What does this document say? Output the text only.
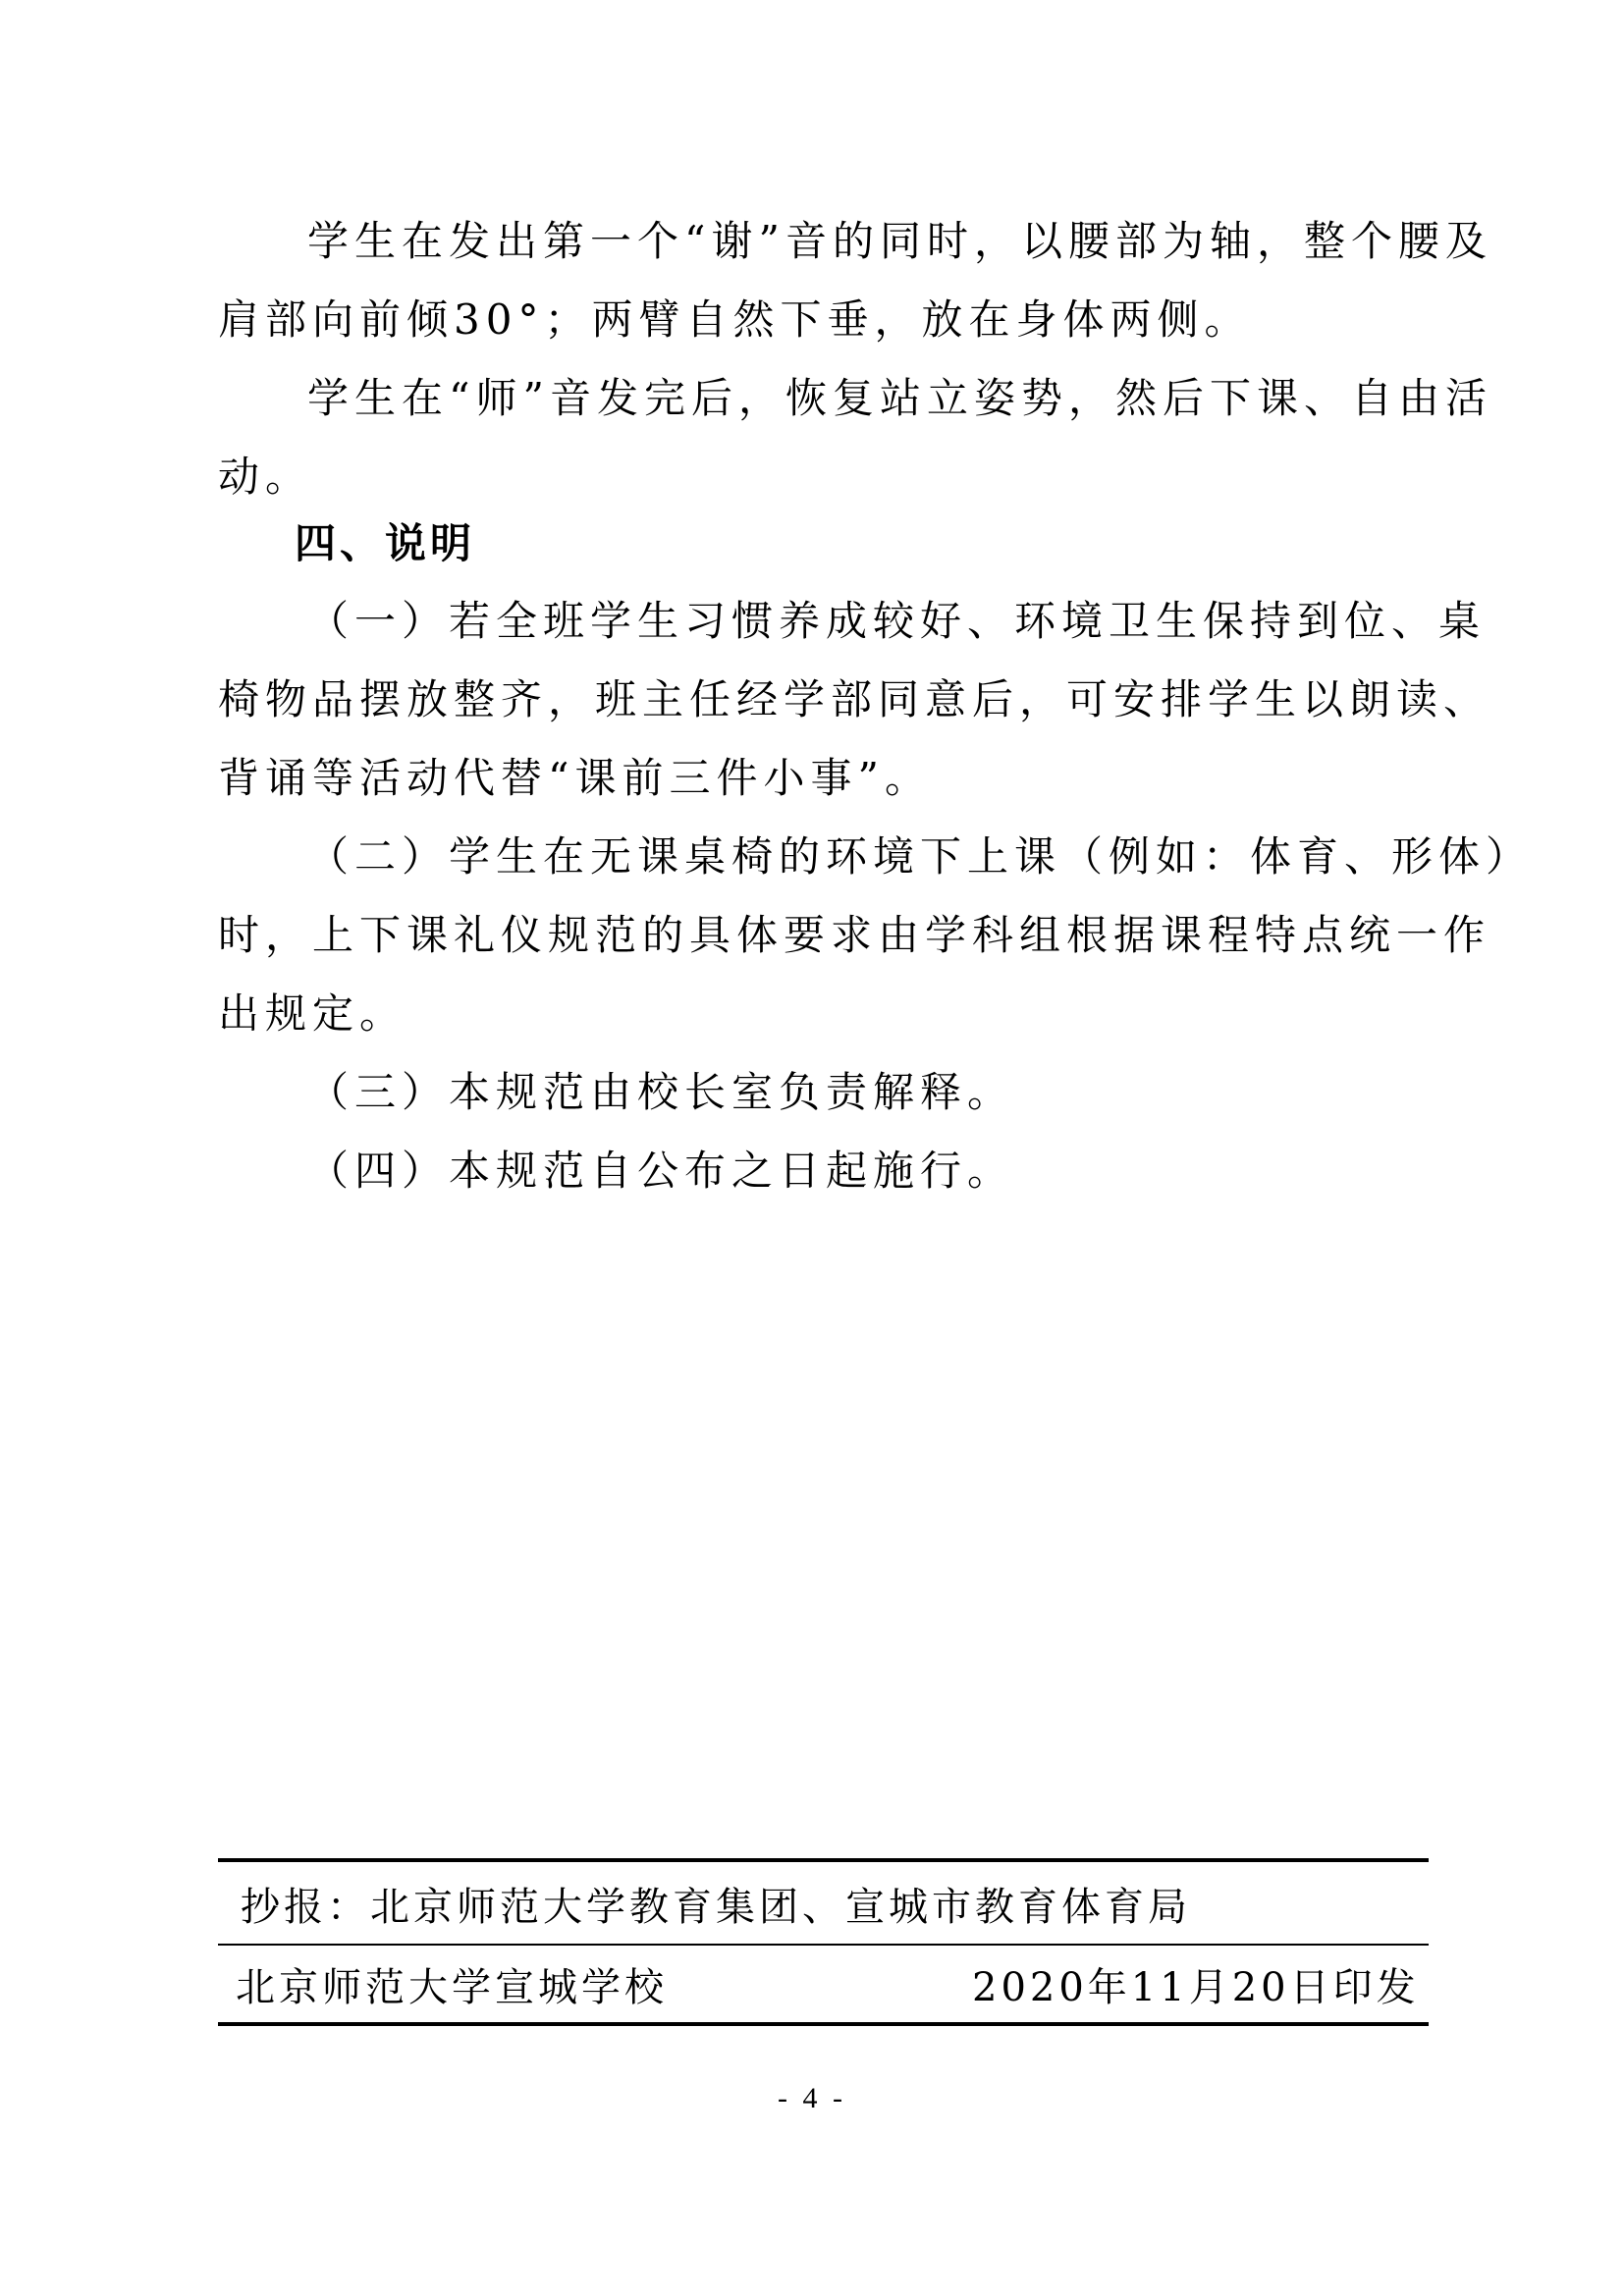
学生在发出第一个“谢”音的同时，以腰部为轴，整个腰及
肩部向前倾30°；两臂自然下垂，放在身体两侧。
学生在“师”音发完后，恢复站立姿势，然后下课、自由活
动。
四、说明
（一）若全班学生习惯养成较好、环境卫生保持到位、桌
椅物品摆放整齐，班主任经学部同意后，可安排学生以朗读、
背诵等活动代替“课前三件小事”。
（二）学生在无课桌椅的环境下上课（例如：体育、形体）
时，上下课礼仪规范的具体要求由学科组根据课程特点统一作
出规定。
（三）本规范由校长室负责解释。
（四）本规范自公布之日起施行。
抄报：北京师范大学教育集团、宣城市教育体育局
北京师范大学宣城学校	2020年11月20日印发
- 4 -
